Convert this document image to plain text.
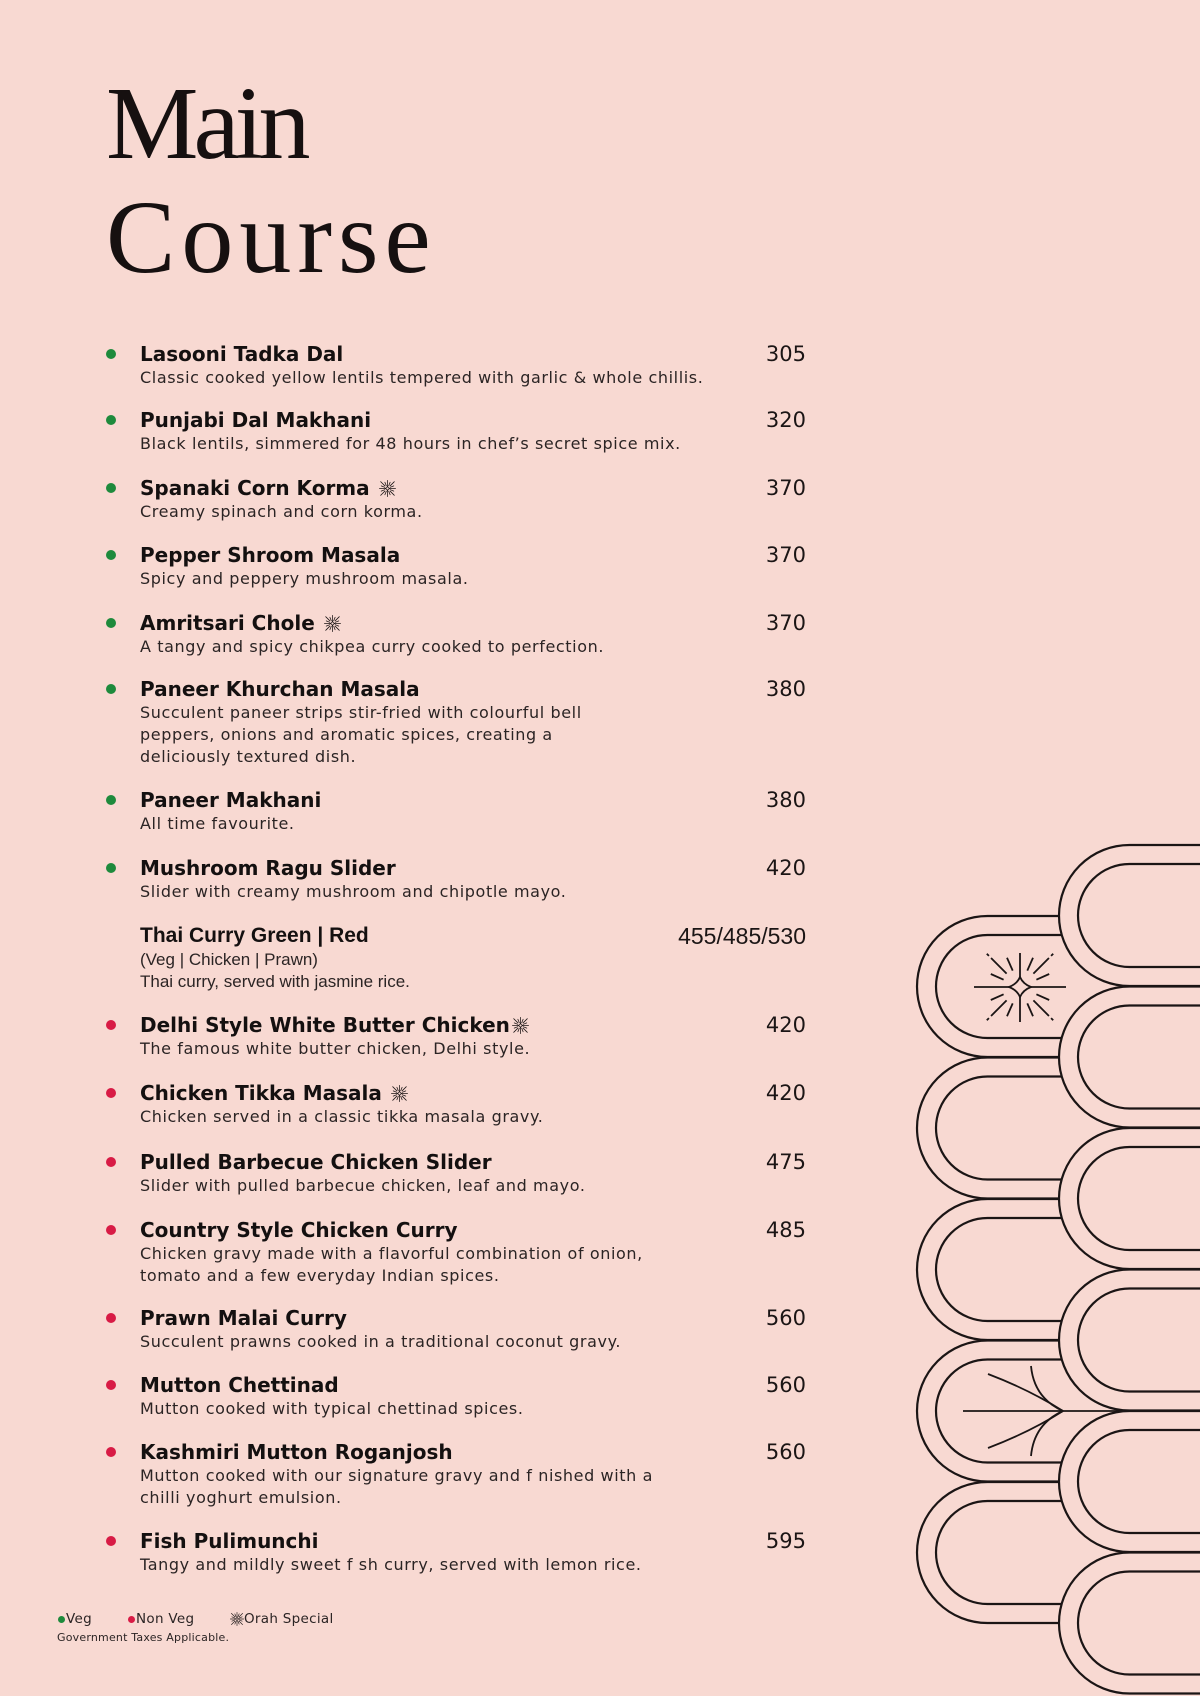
Main
Course
Lasooni Tadka Dal
Classic cooked yellow lentils tempered with garlic & whole chillis.
305
Punjabi Dal Makhani
Black lentils, simmered for 48 hours in chef’s secret spice mix.
320
Spanaki Corn Korma
Creamy spinach and corn korma.
370
Pepper Shroom Masala
Spicy and peppery mushroom masala.
370
Amritsari Chole
A tangy and spicy chikpea curry cooked to perfection.
370
Paneer Khurchan Masala
Succulent paneer strips stir-fried with colourful bell
peppers, onions and aromatic spices, creating a
deliciously textured dish.
380
Paneer Makhani
All time favourite.
380
Mushroom Ragu Slider
Slider with creamy mushroom and chipotle mayo.
420
Thai Curry Green | Red
(Veg | Chicken | Prawn)
Thai curry, served with jasmine rice.
455/485/530
Delhi Style White Butter Chicken
The famous white butter chicken, Delhi style.
420
Chicken Tikka Masala
Chicken served in a classic tikka masala gravy.
420
Pulled Barbecue Chicken Slider
Slider with pulled barbecue chicken, leaf and mayo.
475
Country Style Chicken Curry
Chicken gravy made with a flavorful combination of onion,
tomato and a few everyday Indian spices.
485
Prawn Malai Curry
Succulent prawns cooked in a traditional coconut gravy.
560
Mutton Chettinad
Mutton cooked with typical chettinad spices.
560
Kashmiri Mutton Roganjosh
Mutton cooked with our signature gravy and f nished with a
chilli yoghurt emulsion.
560
Fish Pulimunchi
Tangy and mildly sweet f sh curry, served with lemon rice.
595
Veg	Non Veg	Orah Special
Government Taxes Applicable.
